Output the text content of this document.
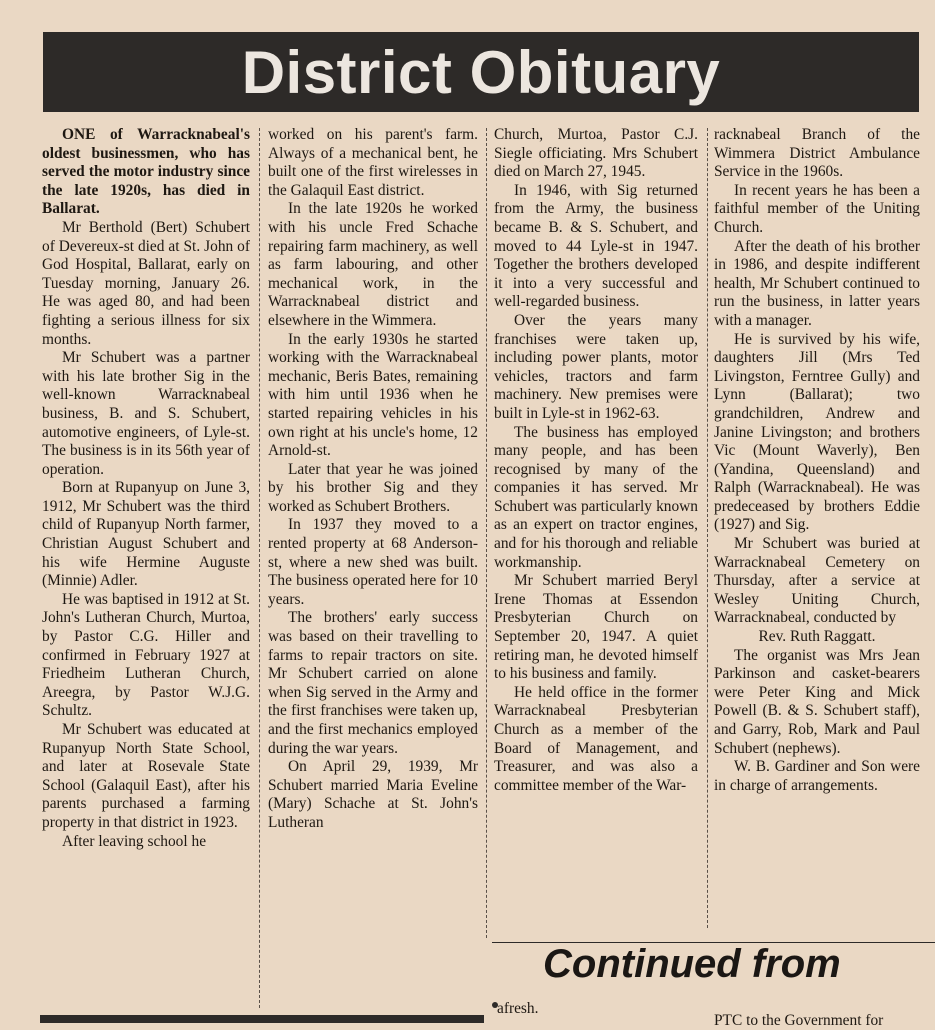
District Obituary

ONE of Warracknabeal's oldest businessmen, who has served the motor industry since the late 1920s, has died in Ballarat.

Mr Berthold (Bert) Schubert of Devereux-st died at St. John of God Hospital, Ballarat, early on Tuesday morning, January 26. He was aged 80, and had been fighting a serious illness for six months.

Mr Schubert was a partner with his late brother Sig in the well-known Warracknabeal business, B. and S. Schubert, automotive engineers, of Lyle-st. The business is in its 56th year of operation.

Born at Rupanyup on June 3, 1912, Mr Schubert was the third child of Rupanyup North farmer, Christian August Schubert and his wife Hermine Auguste (Minnie) Adler.

He was baptised in 1912 at St. John's Lutheran Church, Murtoa, by Pastor C.G. Hiller and confirmed in February 1927 at Friedheim Lutheran Church, Areegra, by Pastor W.J.G. Schultz.

Mr Schubert was educated at Rupanyup North State School, and later at Rosevale State School (Galaquil East), after his parents purchased a farming property in that district in 1923.

After leaving school he

worked on his parent's farm. Always of a mechanical bent, he built one of the first wirelesses in the Galaquil East district.

In the late 1920s he worked with his uncle Fred Schache repairing farm machinery, as well as farm labouring, and other mechanical work, in the Warracknabeal district and elsewhere in the Wimmera.

In the early 1930s he started working with the Warracknabeal mechanic, Beris Bates, remaining with him until 1936 when he started repairing vehicles in his own right at his uncle's home, 12 Arnold-st.

Later that year he was joined by his brother Sig and they worked as Schubert Brothers.

In 1937 they moved to a rented property at 68 Anderson-st, where a new shed was built. The business operated here for 10 years.

The brothers' early success was based on their travelling to farms to repair tractors on site. Mr Schubert carried on alone when Sig served in the Army and the first franchises were taken up, and the first mechanics employed during the war years.

On April 29, 1939, Mr Schubert married Maria Eveline (Mary) Schache at St. John's Lutheran

Church, Murtoa, Pastor C.J. Siegle officiating. Mrs Schubert died on March 27, 1945.

In 1946, with Sig returned from the Army, the business became B. & S. Schubert, and moved to 44 Lyle-st in 1947. Together the brothers developed it into a very successful and well-regarded business.

Over the years many franchises were taken up, including power plants, motor vehicles, tractors and farm machinery. New premises were built in Lyle-st in 1962-63.

The business has employed many people, and has been recognised by many of the companies it has served. Mr Schubert was particularly known as an expert on tractor engines, and for his thorough and reliable workmanship.

Mr Schubert married Beryl Irene Thomas at Essendon Presbyterian Church on September 20, 1947. A quiet retiring man, he devoted himself to his business and family.

He held office in the former Warracknabeal Presbyterian Church as a member of the Board of Management, and Treasurer, and was also a committee member of the War-

racknabeal Branch of the Wimmera District Ambulance Service in the 1960s.

In recent years he has been a faithful member of the Uniting Church.

After the death of his brother in 1986, and despite indifferent health, Mr Schubert continued to run the business, in latter years with a manager.

He is survived by his wife, daughters Jill (Mrs Ted Livingston, Ferntree Gully) and Lynn (Ballarat); two grandchildren, Andrew and Janine Livingston; and brothers Vic (Mount Waverly), Ben (Yandina, Queensland) and Ralph (Warracknabeal). He was predeceased by brothers Eddie (1927) and Sig.

Mr Schubert was buried at Warracknabeal Cemetery on Thursday, after a service at Wesley Uniting Church, Warracknabeal, conducted by

Rev. Ruth Raggatt.

The organist was Mrs Jean Parkinson and casket-bearers were Peter King and Mick Powell (B. & S. Schubert staff), and Garry, Rob, Mark and Paul Schubert (nephews).

W. B. Gardiner and Son were in charge of arrangements.

Continued from
afresh.
PTC to the Government for
